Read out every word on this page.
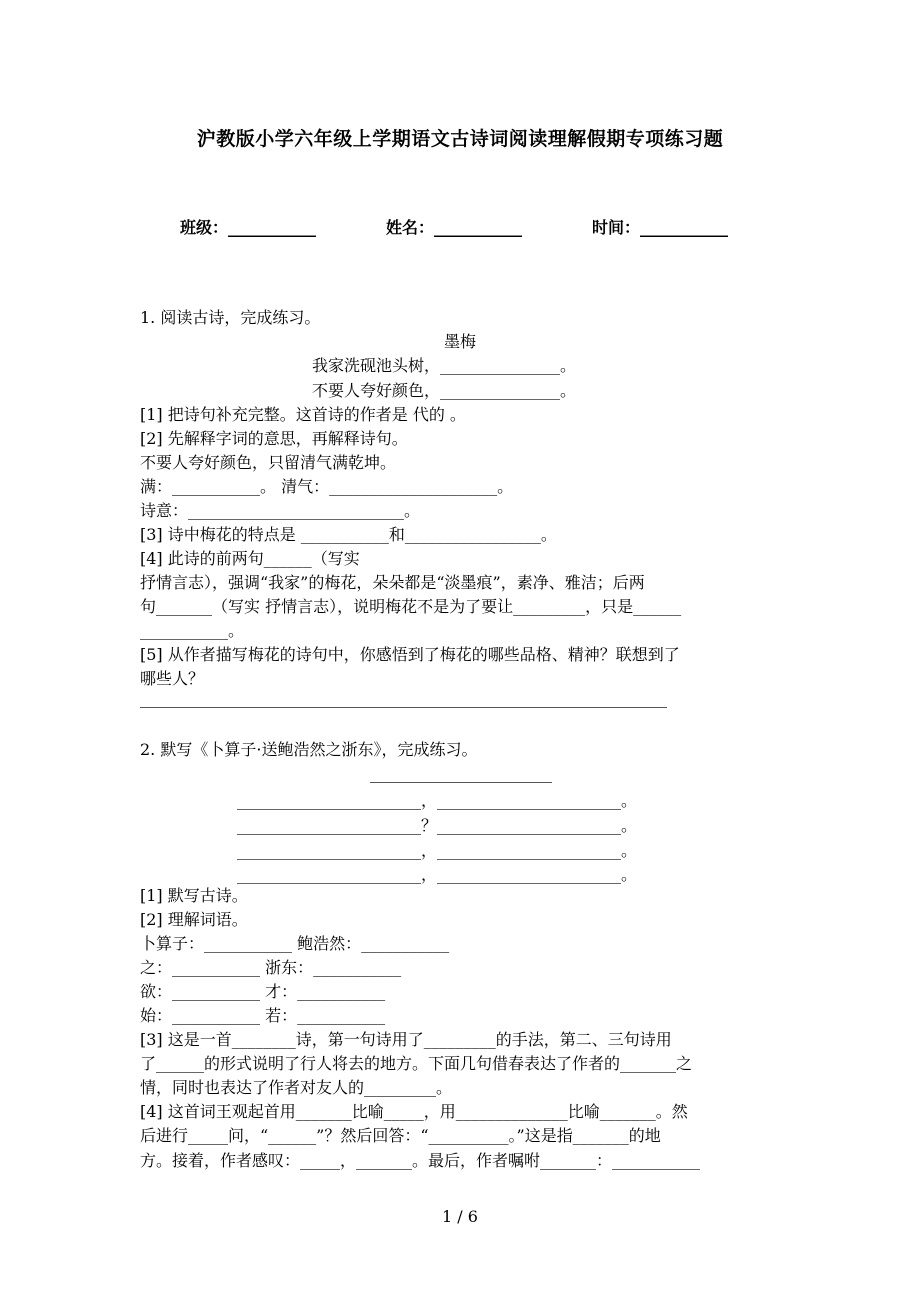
沪教版小学六年级上学期语文古诗词阅读理解假期专项练习题
班级：___________	姓名：___________	时间：___________
1. 阅读古诗，完成练习。
墨梅
我家洗砚池头树，_______________。
不要人夸好颜色，_______________。
[1] 把诗句补充完整。这首诗的作者是 代的 。
[2] 先解释字词的意思，再解释诗句。
不要人夸好颜色，只留清气满乾坤。
满：___________。 清气：_____________________。
诗意：___________________________。
[3] 诗中梅花的特点是 ___________和_________________。
[4] 此诗的前两句______（写实
抒情言志），强调“我家”的梅花，朵朵都是“淡墨痕”，素净、雅洁；后两
句_______（写实 抒情言志），说明梅花不是为了要让_________，只是______
___________。
[5] 从作者描写梅花的诗句中，你感悟到了梅花的哪些品格、精神？联想到了
哪些人？
2. 默写《卜算子·送鲍浩然之浙东》，完成练习。
_______________________，_______________________。
_______________________？_______________________。
_______________________，_______________________。
_______________________，_______________________。
[1] 默写古诗。
[2] 理解词语。
卜算子：___________ 鲍浩然：___________
之：___________ 浙东：___________
欲：___________ 才：___________
始：___________ 若：___________
[3] 这是一首________诗，第一句诗用了_________的手法，第二、三句诗用
了______的形式说明了行人将去的地方。下面几句借春表达了作者的_______之
情，同时也表达了作者对友人的_________。
[4] 这首词王观起首用_______比喻_____，用______________比喻_______。然
后进行_____问，“______”？然后回答：“__________。”这是指_______的地
方。接着，作者感叹：_____，_______。最后，作者嘱咐_______：___________
1 / 6
